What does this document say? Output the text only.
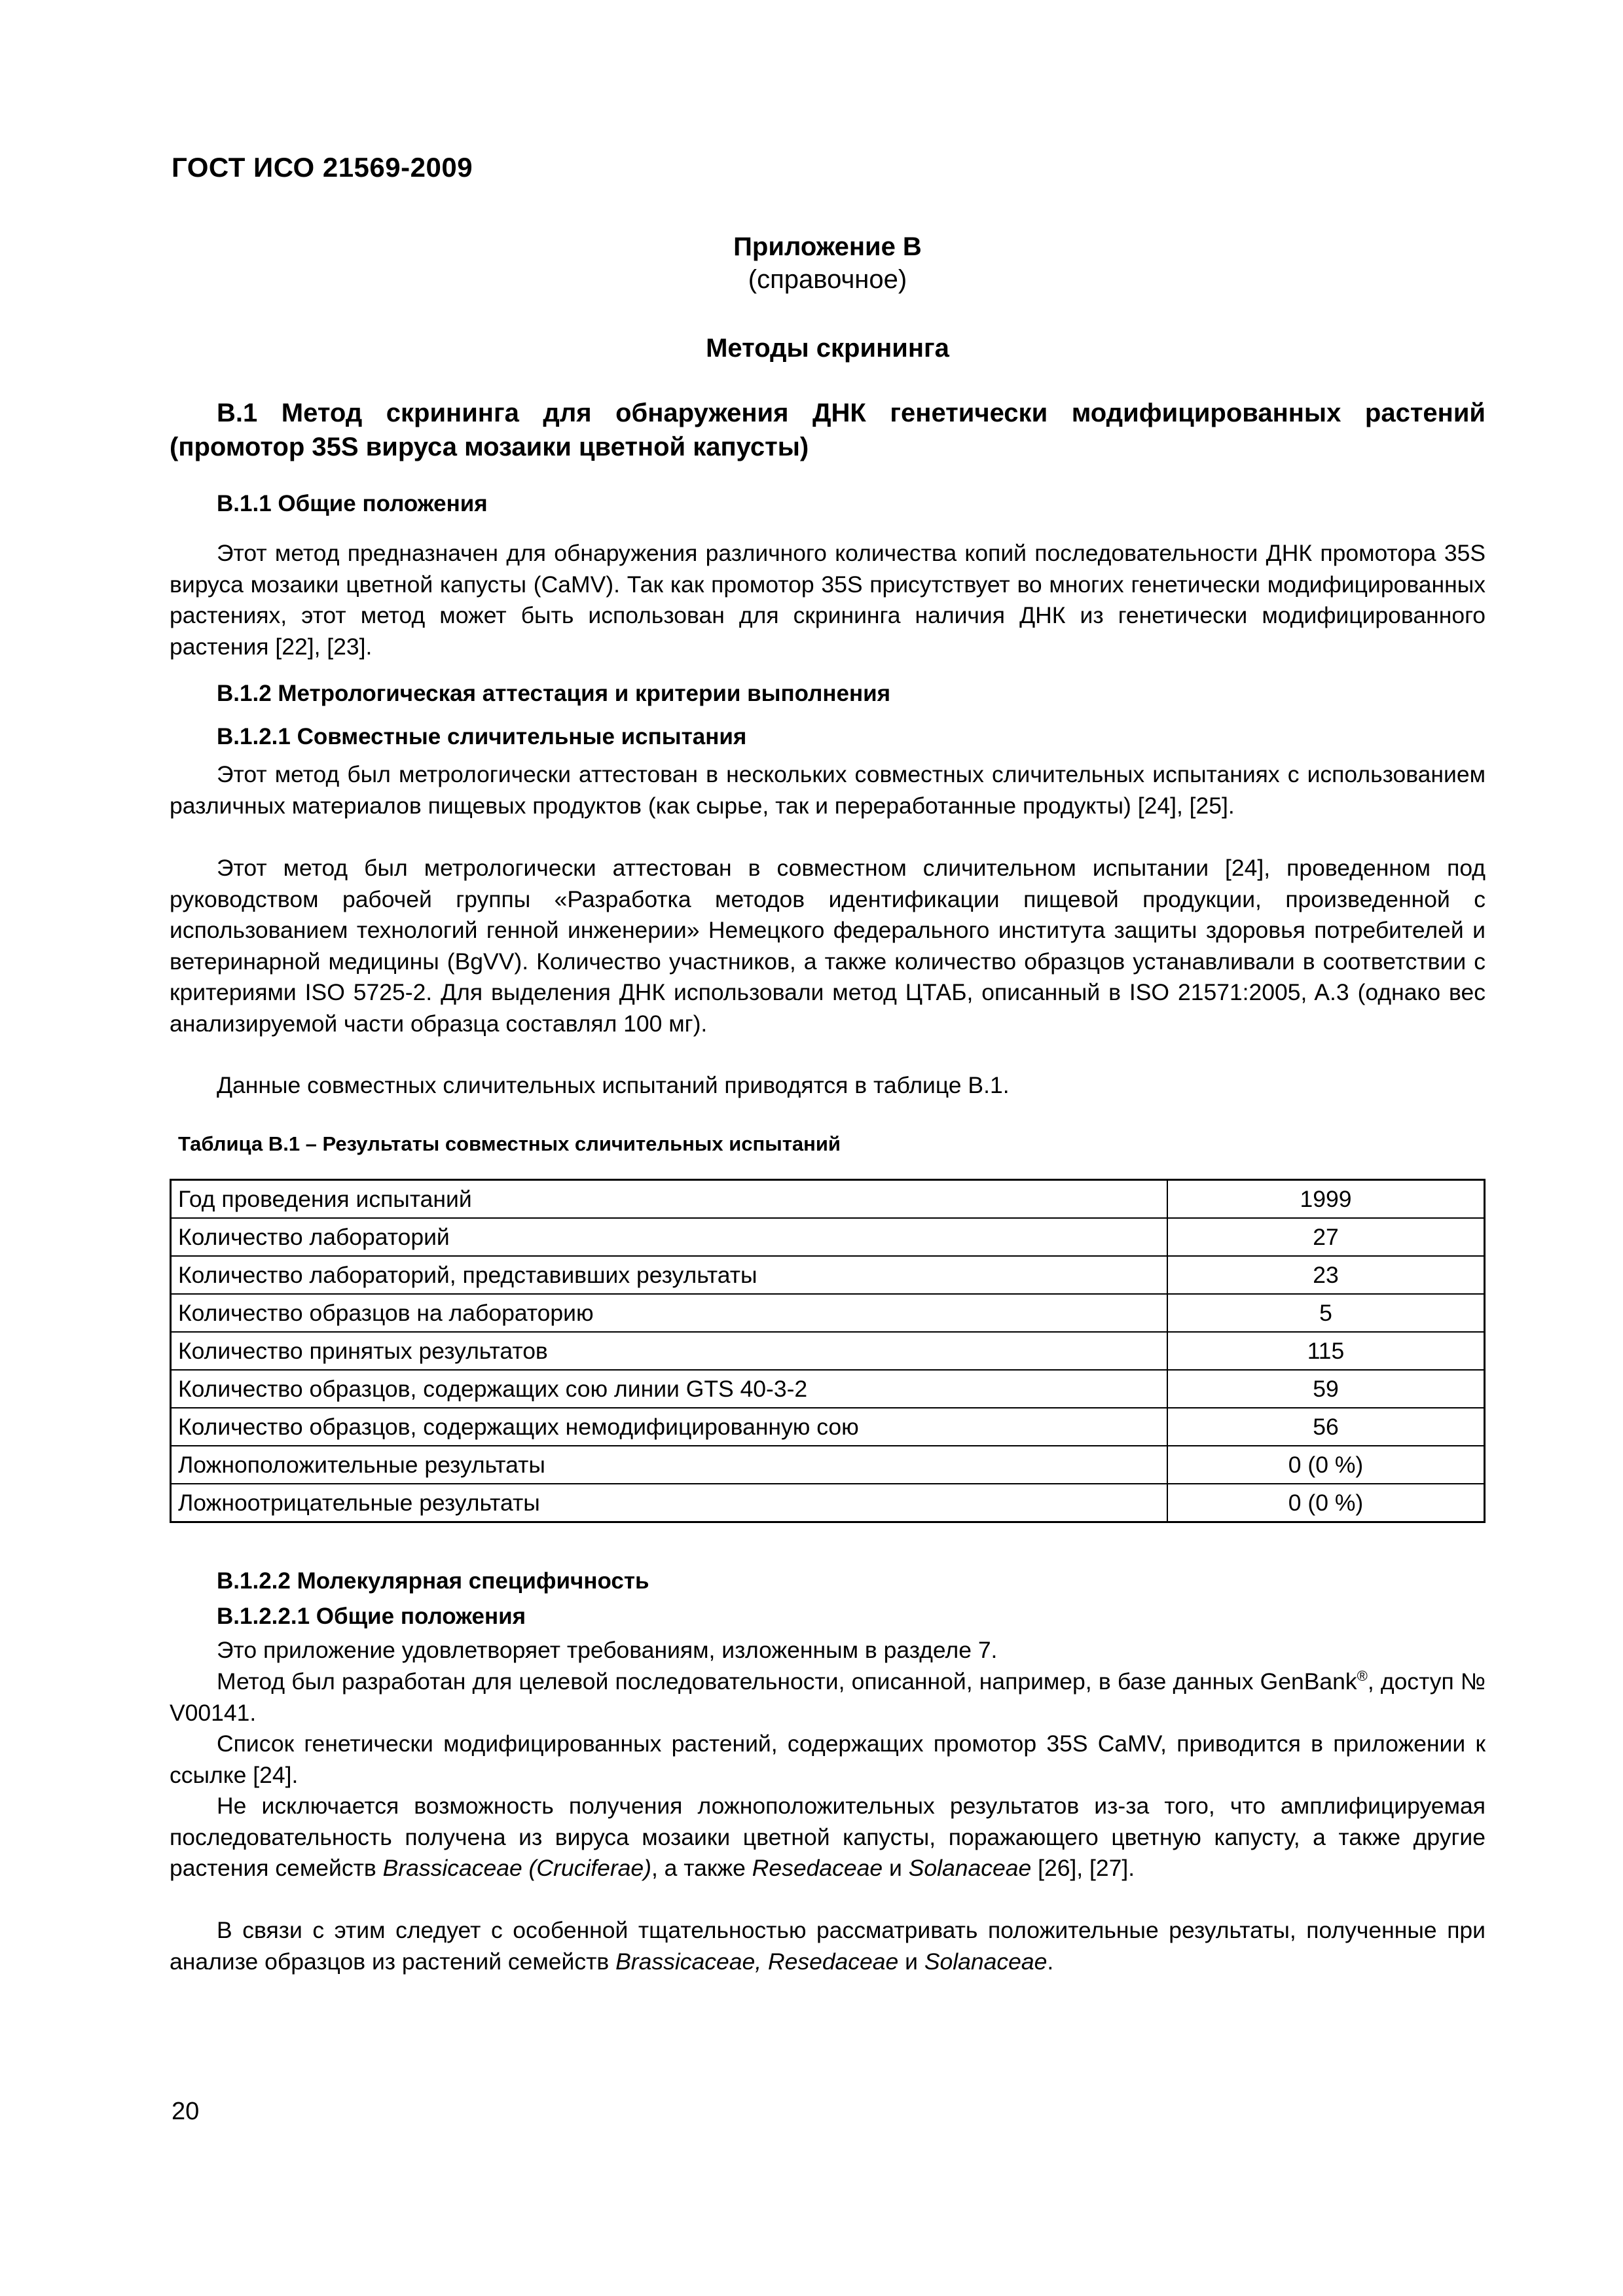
ГОСТ ИСО 21569-2009
Приложение В
(справочное)
Методы скрининга
В.1 Метод скрининга для обнаружения ДНК генетически модифицированных растений (промотор 35S вируса мозаики цветной капусты)
В.1.1 Общие положения
Этот метод предназначен для обнаружения различного количества копий последовательности ДНК промотора 35S вируса мозаики цветной капусты (CaMV). Так как промотор 35S присутствует во многих генетически модифицированных растениях, этот метод может быть использован для скрининга наличия ДНК из генетически модифицированного растения [22], [23].
В.1.2 Метрологическая аттестация и критерии выполнения
В.1.2.1 Совместные сличительные испытания
Этот метод был метрологически аттестован в нескольких совместных сличительных испытаниях с использованием различных материалов пищевых продуктов (как сырье, так и переработанные продукты) [24], [25].
Этот метод был метрологически аттестован в совместном сличительном испытании [24], проведенном под руководством рабочей группы «Разработка методов идентификации пищевой продукции, произведенной с использованием технологий генной инженерии» Немецкого федерального института защиты здоровья потребителей и ветеринарной медицины (BgVV). Количество участников, а также количество образцов устанавливали в соответствии с критериями ISO 5725-2. Для выделения ДНК использовали метод ЦТАБ, описанный в ISO 21571:2005, A.3 (однако вес анализируемой части образца составлял 100 мг).
Данные совместных сличительных испытаний приводятся в таблице В.1.
Таблица В.1 – Результаты совместных сличительных испытаний
Год проведения испытаний	1999
Количество лабораторий	27
Количество лабораторий, представивших результаты	23
Количество образцов на лабораторию	5
Количество принятых результатов	115
Количество образцов, содержащих сою линии GTS 40-3-2	59
Количество образцов, содержащих немодифицированную сою	56
Ложноположительные результаты	0 (0 %)
Ложноотрицательные результаты	0 (0 %)
В.1.2.2 Молекулярная специфичность
В.1.2.2.1 Общие положения
Это приложение удовлетворяет требованиям, изложенным в разделе 7.
Метод был разработан для целевой последовательности, описанной, например, в базе данных GenBank®, доступ № V00141.
Список генетически модифицированных растений, содержащих промотор 35S CaMV, приводится в приложении к ссылке [24].
Не исключается возможность получения ложноположительных результатов из-за того, что амплифицируемая последовательность получена из вируса мозаики цветной капусты, поражающего цветную капусту, а также другие растения семейств Brassicaceae (Cruciferae), а также Resedaceae и Solanaceae [26], [27].
В связи с этим следует с особенной тщательностью рассматривать положительные результаты, полученные при анализе образцов из растений семейств Brassicaceae, Resedaceae и Solanaceae.
20
